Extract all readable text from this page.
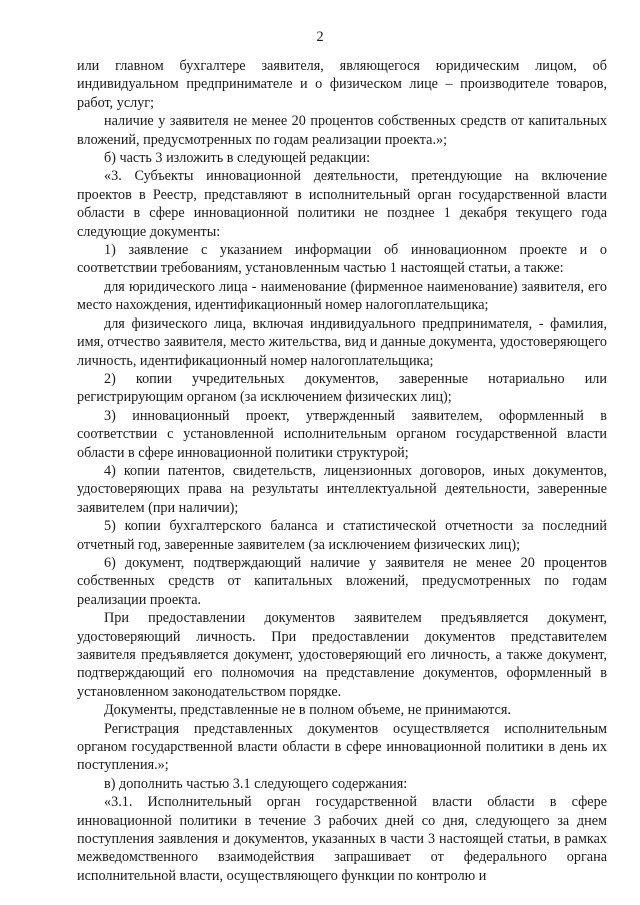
2

или главном бухгалтере заявителя, являющегося юридическим лицом, об индивидуальном предпринимателе и о физическом лице – производителе товаров, работ, услуг;

наличие у заявителя не менее 20 процентов собственных средств от капитальных вложений, предусмотренных по годам реализации проекта.»;

б) часть 3 изложить в следующей редакции:

«3. Субъекты инновационной деятельности, претендующие на включение проектов в Реестр, представляют в исполнительный орган государственной власти области в сфере инновационной политики не позднее 1 декабря текущего года следующие документы:

1) заявление с указанием информации об инновационном проекте и о соответствии требованиям, установленным частью 1 настоящей статьи, а также:

для юридического лица - наименование (фирменное наименование) заявителя, его место нахождения, идентификационный номер налогоплательщика;

для физического лица, включая индивидуального предпринимателя, - фамилия, имя, отчество заявителя, место жительства, вид и данные документа, удостоверяющего личность, идентификационный номер налогоплательщика;

2) копии учредительных документов, заверенные нотариально или регистрирующим органом (за исключением физических лиц);

3) инновационный проект, утвержденный заявителем, оформленный в соответствии с установленной исполнительным органом государственной власти области в сфере инновационной политики структурой;

4) копии патентов, свидетельств, лицензионных договоров, иных документов, удостоверяющих права на результаты интеллектуальной деятельности, заверенные заявителем (при наличии);

5) копии бухгалтерского баланса и статистической отчетности за последний отчетный год, заверенные заявителем (за исключением физических лиц);

6) документ, подтверждающий наличие у заявителя не менее 20 процентов собственных средств от капитальных вложений, предусмотренных по годам реализации проекта.

При предоставлении документов заявителем предъявляется документ, удостоверяющий личность. При предоставлении документов представителем заявителя предъявляется документ, удостоверяющий его личность, а также документ, подтверждающий его полномочия на представление документов, оформленный в установленном законодательством порядке.

Документы, представленные не в полном объеме, не принимаются.

Регистрация представленных документов осуществляется исполнительным органом государственной власти области в сфере инновационной политики в день их поступления.»;

в) дополнить частью 3.1 следующего содержания:

«3.1. Исполнительный орган государственной власти области в сфере инновационной политики в течение 3 рабочих дней со дня, следующего за днем поступления заявления и документов, указанных в части 3 настоящей статьи, в рамках межведомственного взаимодействия запрашивает от федерального органа исполнительной власти, осуществляющего функции по контролю и
